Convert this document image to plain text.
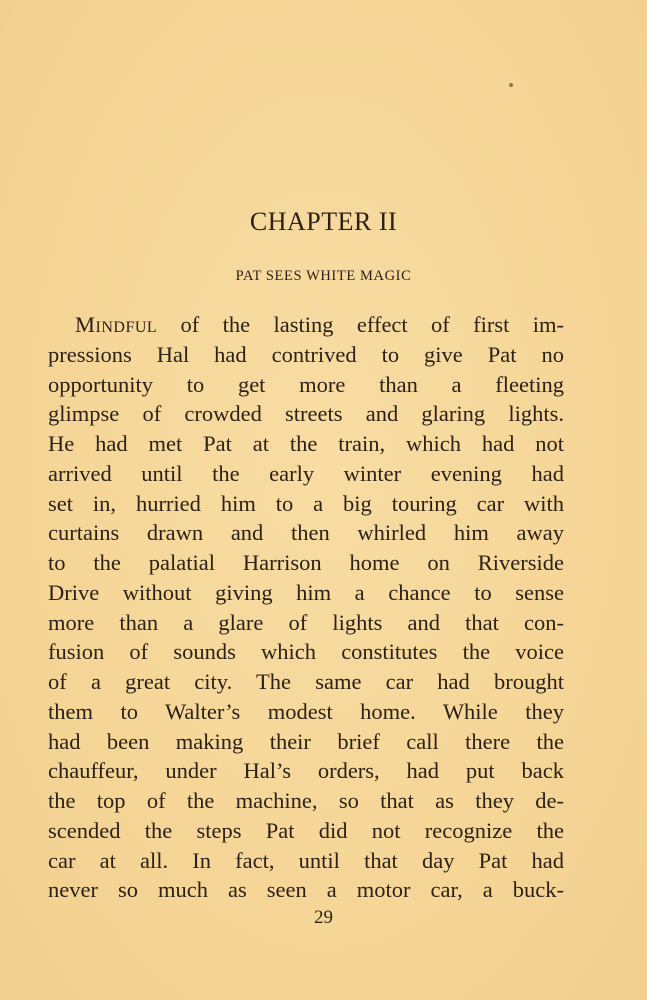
CHAPTER II
PAT SEES WHITE MAGIC
Mindful of the lasting effect of first im-
pressions Hal had contrived to give Pat no
opportunity to get more than a fleeting
glimpse of crowded streets and glaring lights.
He had met Pat at the train, which had not
arrived until the early winter evening had
set in, hurried him to a big touring car with
curtains drawn and then whirled him away
to the palatial Harrison home on Riverside
Drive without giving him a chance to sense
more than a glare of lights and that con-
fusion of sounds which constitutes the voice
of a great city. The same car had brought
them to Walter’s modest home. While they
had been making their brief call there the
chauffeur, under Hal’s orders, had put back
the top of the machine, so that as they de-
scended the steps Pat did not recognize the
car at all. In fact, until that day Pat had
never so much as seen a motor car, a buck-
29
